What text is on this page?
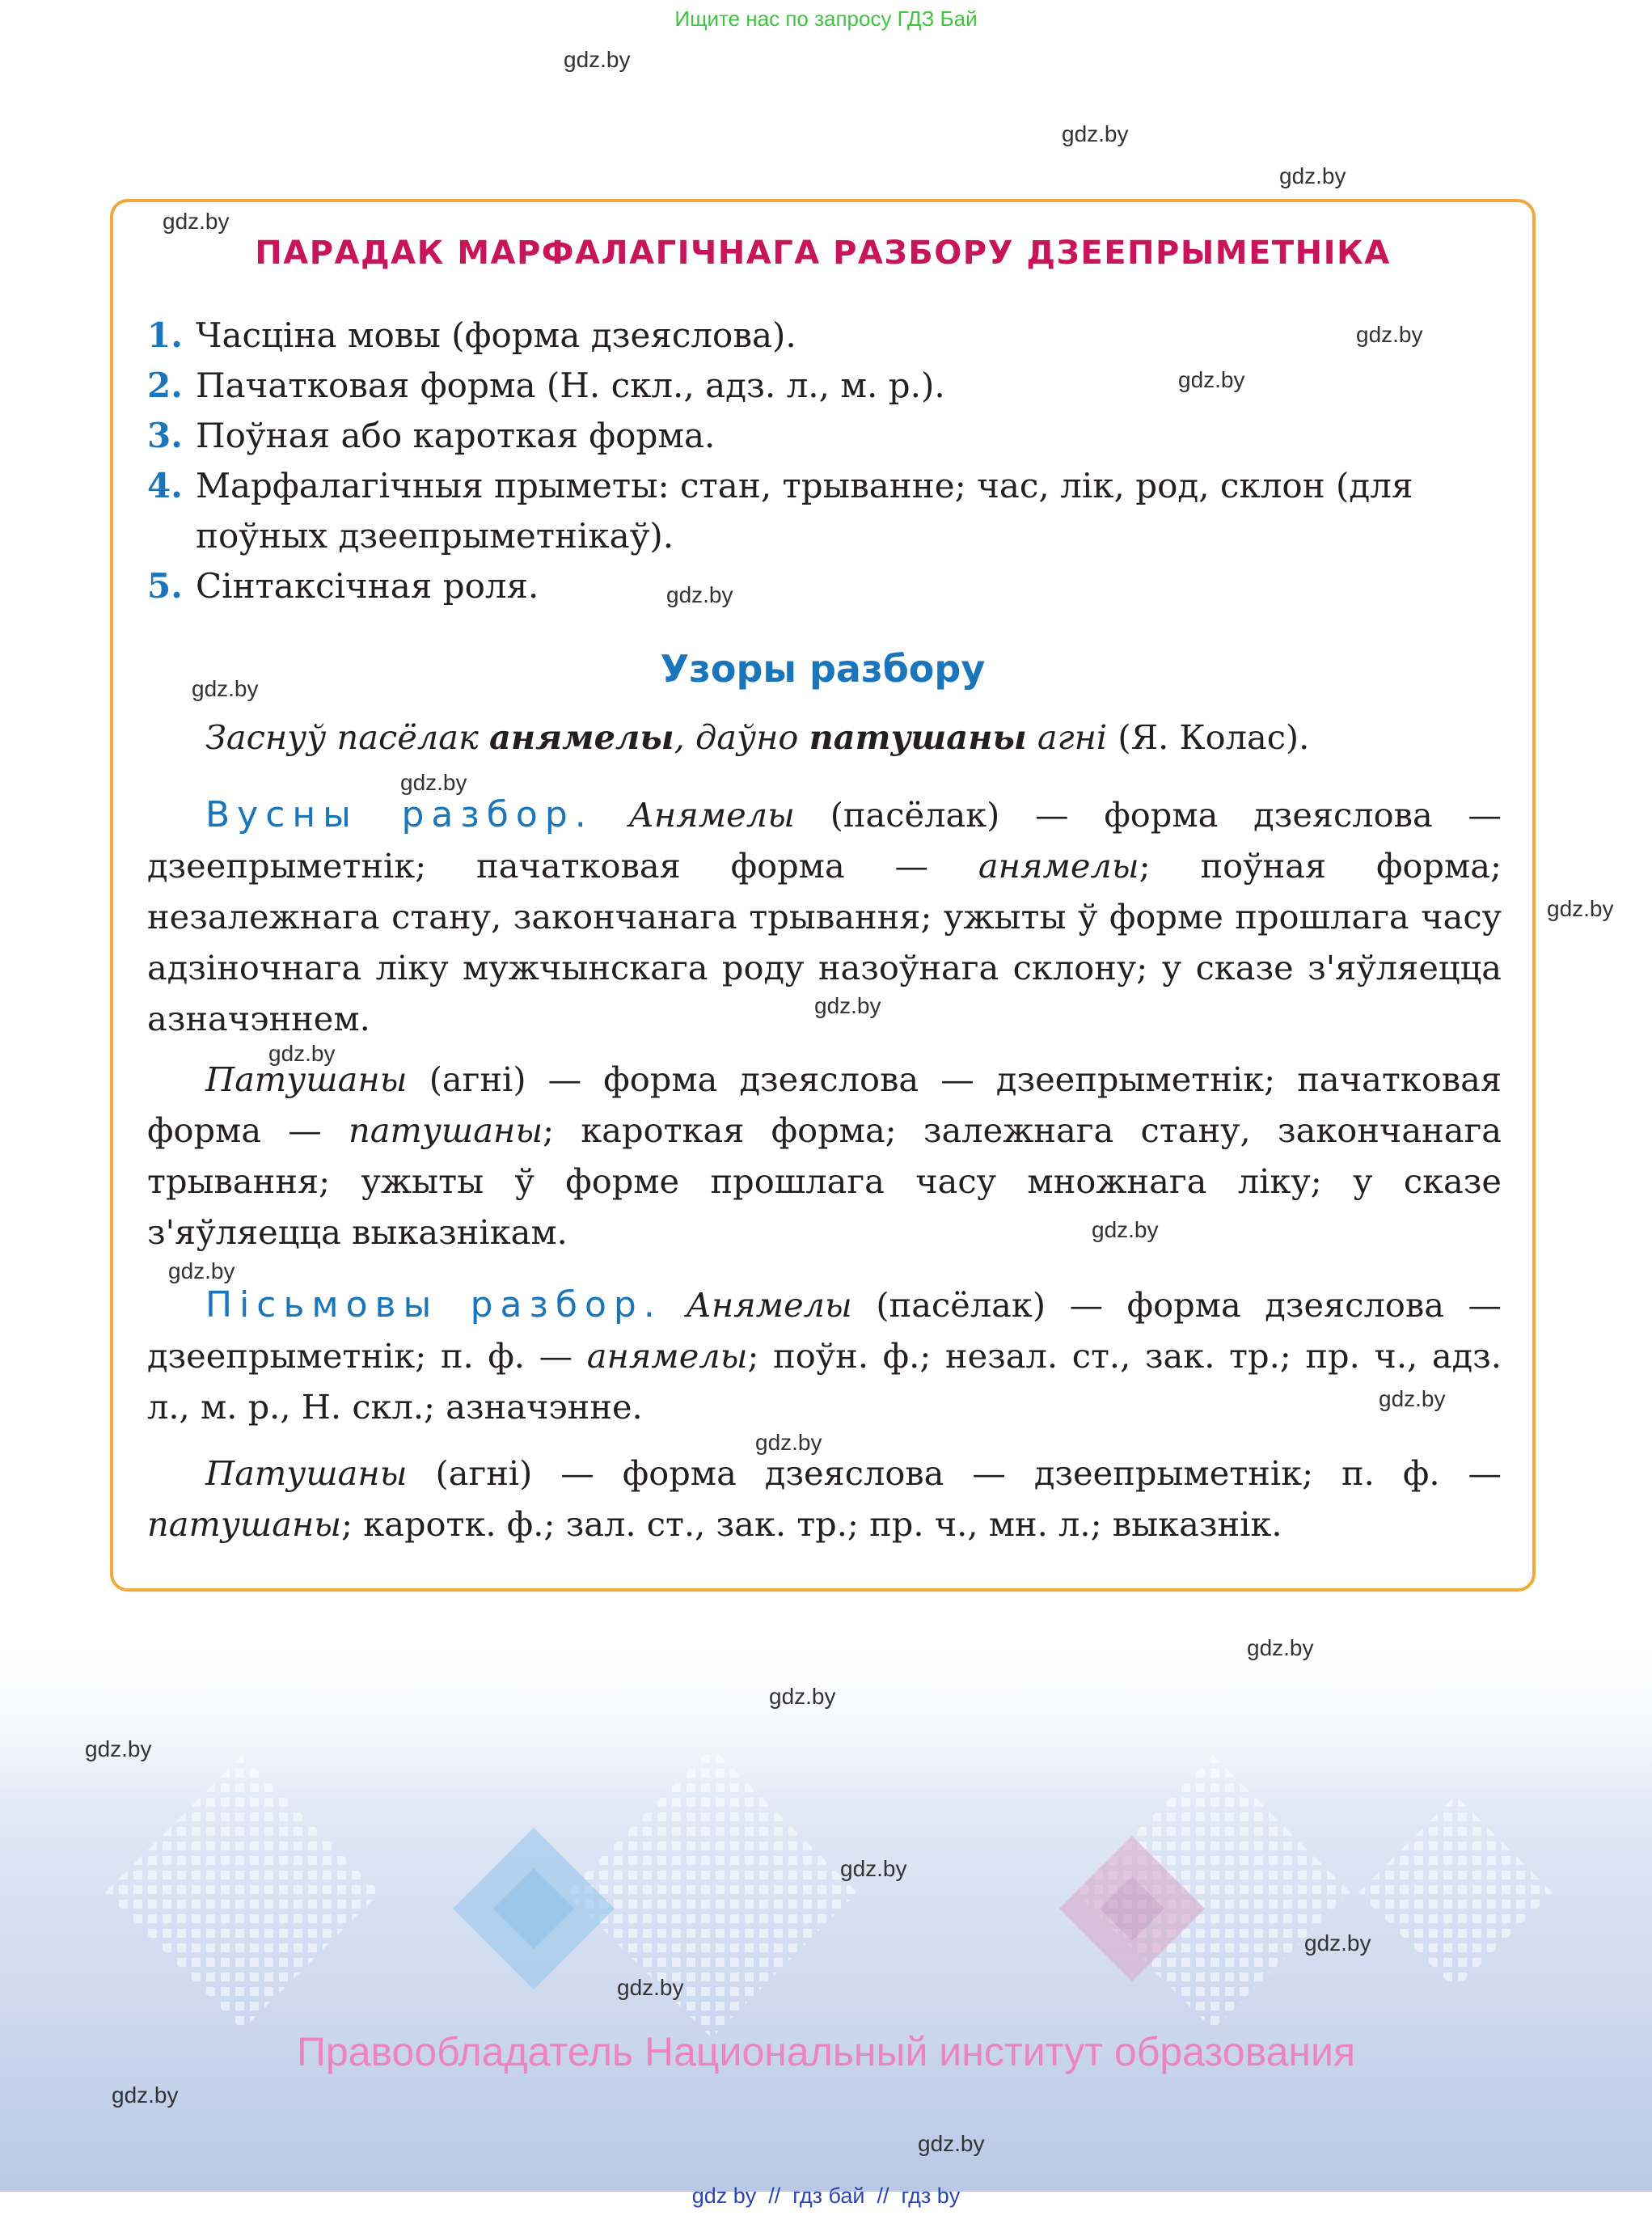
Ищите нас по запросу ГДЗ Бай
gdz.by
gdz.by
gdz.by
gdz.by
gdz.by
gdz.by
gdz.by
gdz.by
gdz.by
gdz.by
gdz.by
gdz.by
gdz.by
gdz.by
gdz.by
gdz.by
gdz.by
gdz.by
gdz.by
gdz.by
gdz.by
gdz.by
gdz.by
gdz.by
ПАРАДАК МАРФАЛАГІЧНАГА РАЗБОРУ ДЗЕЕПРЫМЕТНІКА
1. Часціна мовы (форма дзеяслова).
2. Пачатковая форма (Н. скл., адз. л., м. р.).
3. Поўная або кароткая форма.
4. Марфалагічныя прыметы: стан, трыванне; час, лік, род, склон (для поўных дзеепрыметнікаў).
5. Сінтаксічная роля.
Узоры разбору

Заснуў пасёлак анямелы, даўно патушаны агні (Я. Колас).

Вусны разбор. Анямелы (пасёлак) — форма дзеяслова — дзеепрыметнік; пачатковая форма — анямелы; поўная форма; незалежнага стану, закончанага трывання; ужыты ў форме прошлага часу адзіночнага ліку мужчынскага роду назоўнага склону; у сказе з'яўляецца азначэннем.

Патушаны (агні) — форма дзеяслова — дзеепрыметнік; пачатковая форма — патушаны; кароткая форма; залежнага стану, закончанага трывання; ужыты ў форме прошлага часу множнага ліку; у сказе з'яўляецца выказнікам.

Пісьмовы разбор. Анямелы (пасёлак) — форма дзеяслова — дзеепрыметнік; п. ф. — анямелы; поўн. ф.; незал. ст., зак. тр.; пр. ч., адз. л., м. р., Н. скл.; азначэнне.

Патушаны (агні) — форма дзеяслова — дзеепрыметнік; п. ф. — патушаны; каротк. ф.; зал. ст., зак. тр.; пр. ч., мн. л.; выказнік.

Правообладатель Национальный институт образования
gdz by  //  гдз бай  //  гдз by
